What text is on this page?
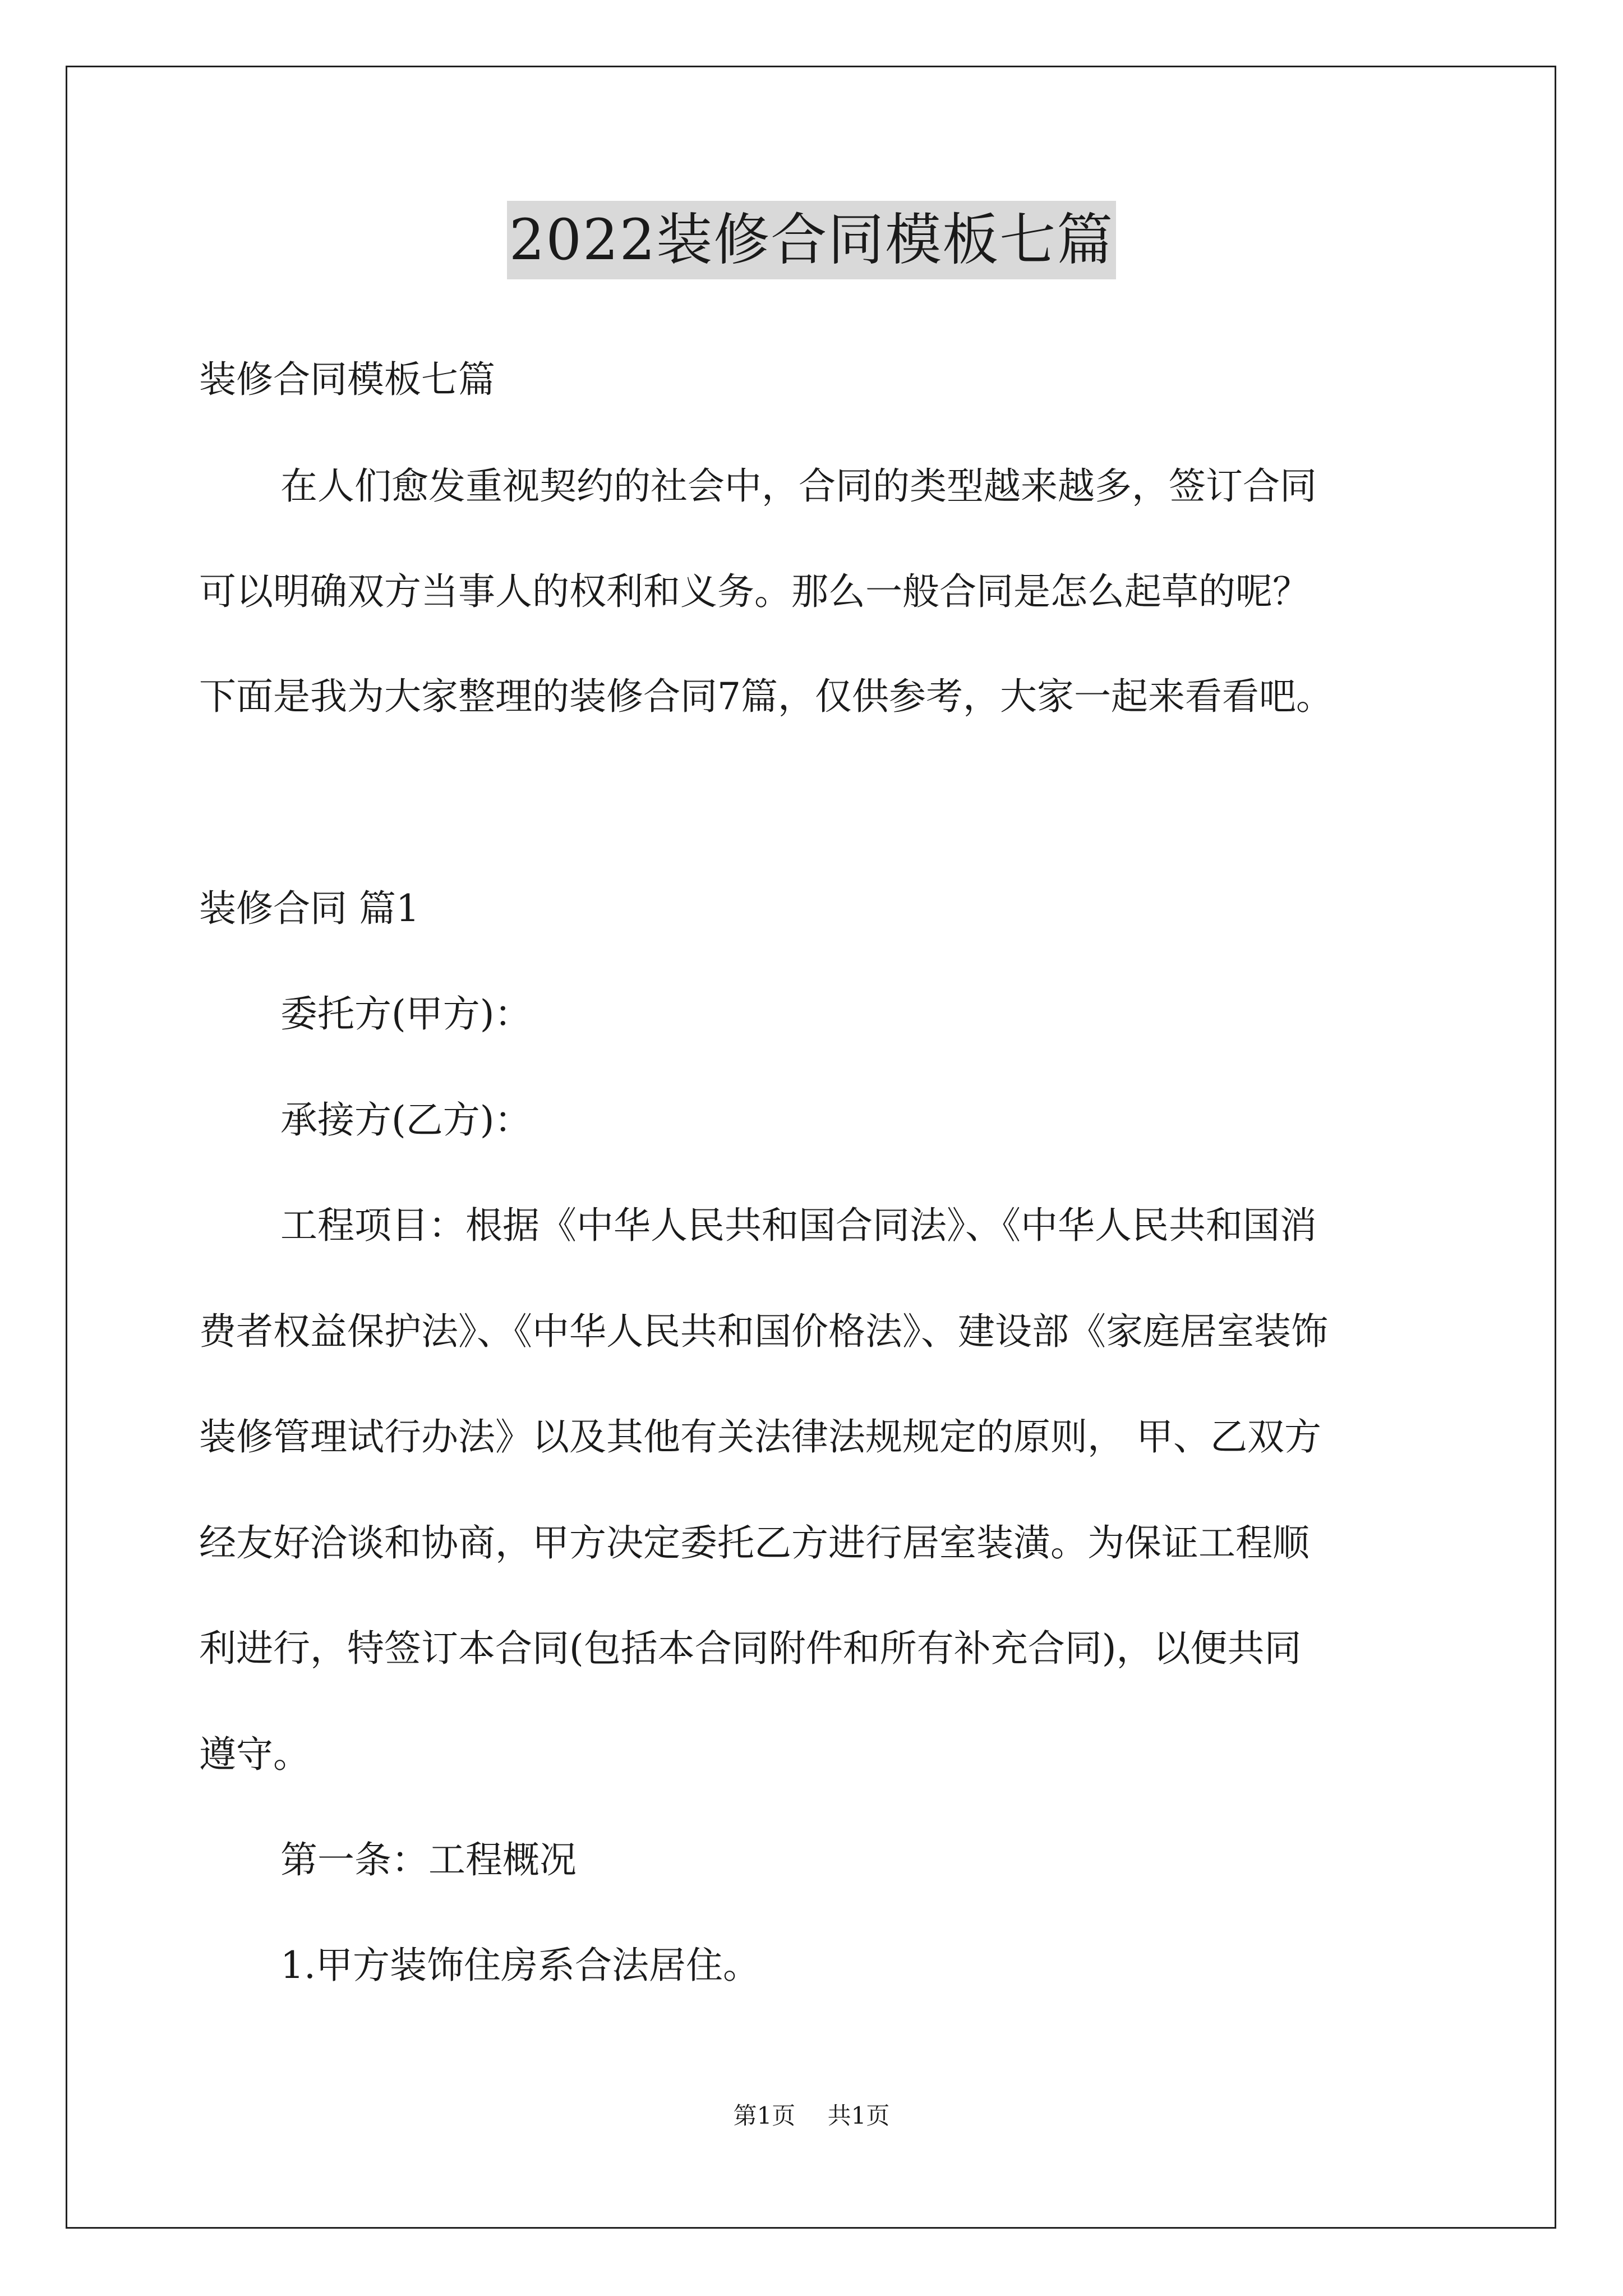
2022装修合同模板七篇

装修合同模板七篇

在人们愈发重视契约的社会中，合同的类型越来越多，签订合同

可以明确双方当事人的权利和义务。那么一般合同是怎么起草的呢？

下面是我为大家整理的装修合同7篇，仅供参考，大家一起来看看吧。

装修合同 篇1

委托方(甲方)：

承接方(乙方)：

工程项目：根据《中华人民共和国合同法》、《中华人民共和国消

费者权益保护法》、《中华人民共和国价格法》、建设部《家庭居室装饰

装修管理试行办法》以及其他有关法律法规规定的原则， 甲、乙双方

经友好洽谈和协商，甲方决定委托乙方进行居室装潢。为保证工程顺

利进行，特签订本合同(包括本合同附件和所有补充合同)，以便共同

遵守。

第一条：工程概况

1.甲方装饰住房系合法居住。

第1页 共1页
